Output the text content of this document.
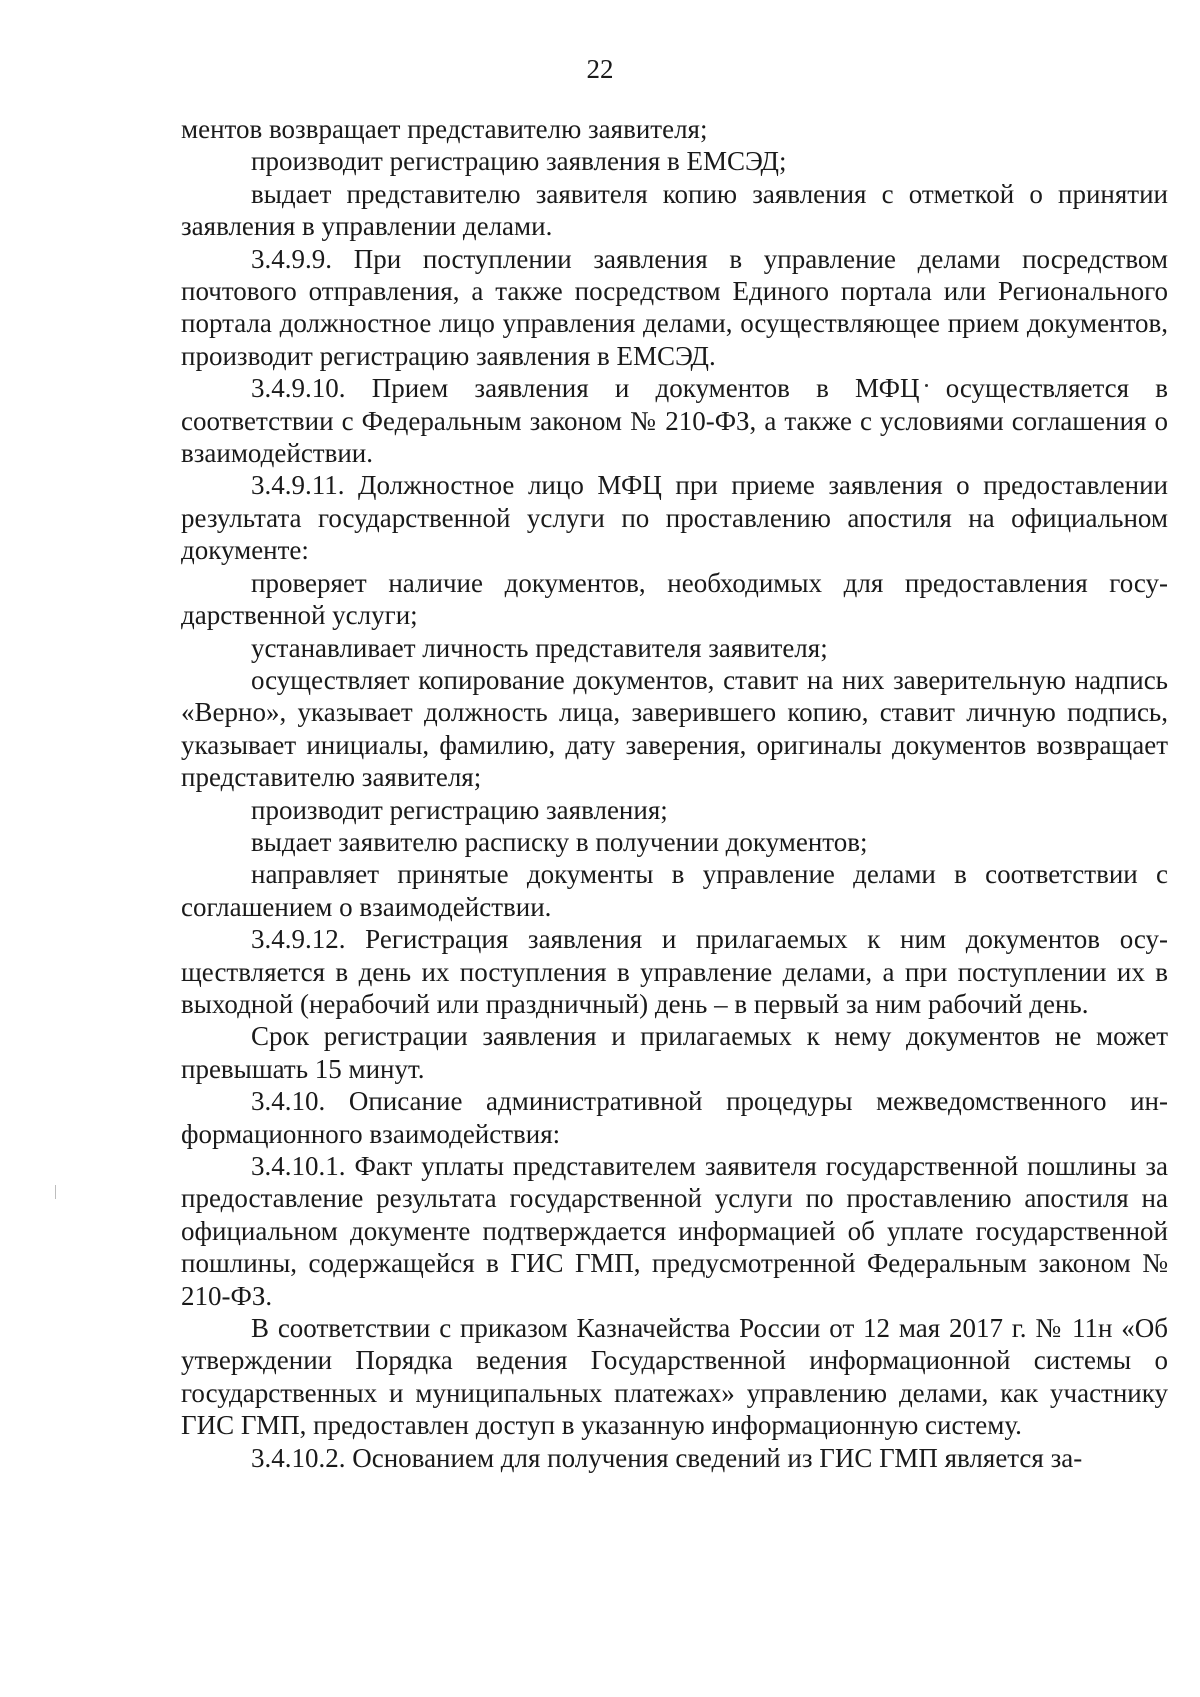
22

ментов возвращает представителю заявителя;

производит регистрацию заявления в ЕМСЭД;

выдает представителю заявителя копию заявления с отметкой о принятии заявления в управлении делами.

3.4.9.9. При поступлении заявления в управление делами посредством почтового отправления, а также посредством Единого портала или Регионального портала должностное лицо управления делами, осуществляющее прием документов, производит регистрацию заявления в ЕМСЭД.

3.4.9.10. Прием заявления и документов в МФЦ осуществляется в соответствии с Федеральным законом № 210-ФЗ, а также с условиями соглашения о взаимодействии.

3.4.9.11. Должностное лицо МФЦ при приеме заявления о предоставлении результата государственной услуги по проставлению апостиля на официальном документе:

проверяет наличие документов, необходимых для предоставления государственной услуги;

устанавливает личность представителя заявителя;

осуществляет копирование документов, ставит на них заверительную надпись «Верно», указывает должность лица, заверившего копию, ставит личную подпись, указывает инициалы, фамилию, дату заверения, оригиналы документов возвращает представителю заявителя;

производит регистрацию заявления;

выдает заявителю расписку в получении документов;

направляет принятые документы в управление делами в соответствии с соглашением о взаимодействии.

3.4.9.12. Регистрация заявления и прилагаемых к ним документов осуществляется в день их поступления в управление делами, а при поступлении их в выходной (нерабочий или праздничный) день – в первый за ним рабочий день.

Срок регистрации заявления и прилагаемых к нему документов не может превышать 15 минут.

3.4.10. Описание административной процедуры межведомственного информационного взаимодействия:

3.4.10.1. Факт уплаты представителем заявителя государственной пошлины за предоставление результата государственной услуги по проставлению апостиля на официальном документе подтверждается информацией об уплате государственной пошлины, содержащейся в ГИС ГМП, предусмотренной Федеральным законом № 210-ФЗ.

В соответствии с приказом Казначейства России от 12 мая 2017 г. № 11н «Об утверждении Порядка ведения Государственной информационной системы о государственных и муниципальных платежах» управлению делами, как участнику ГИС ГМП, предоставлен доступ в указанную информационную систему.

3.4.10.2. Основанием для получения сведений из ГИС ГМП является за-
